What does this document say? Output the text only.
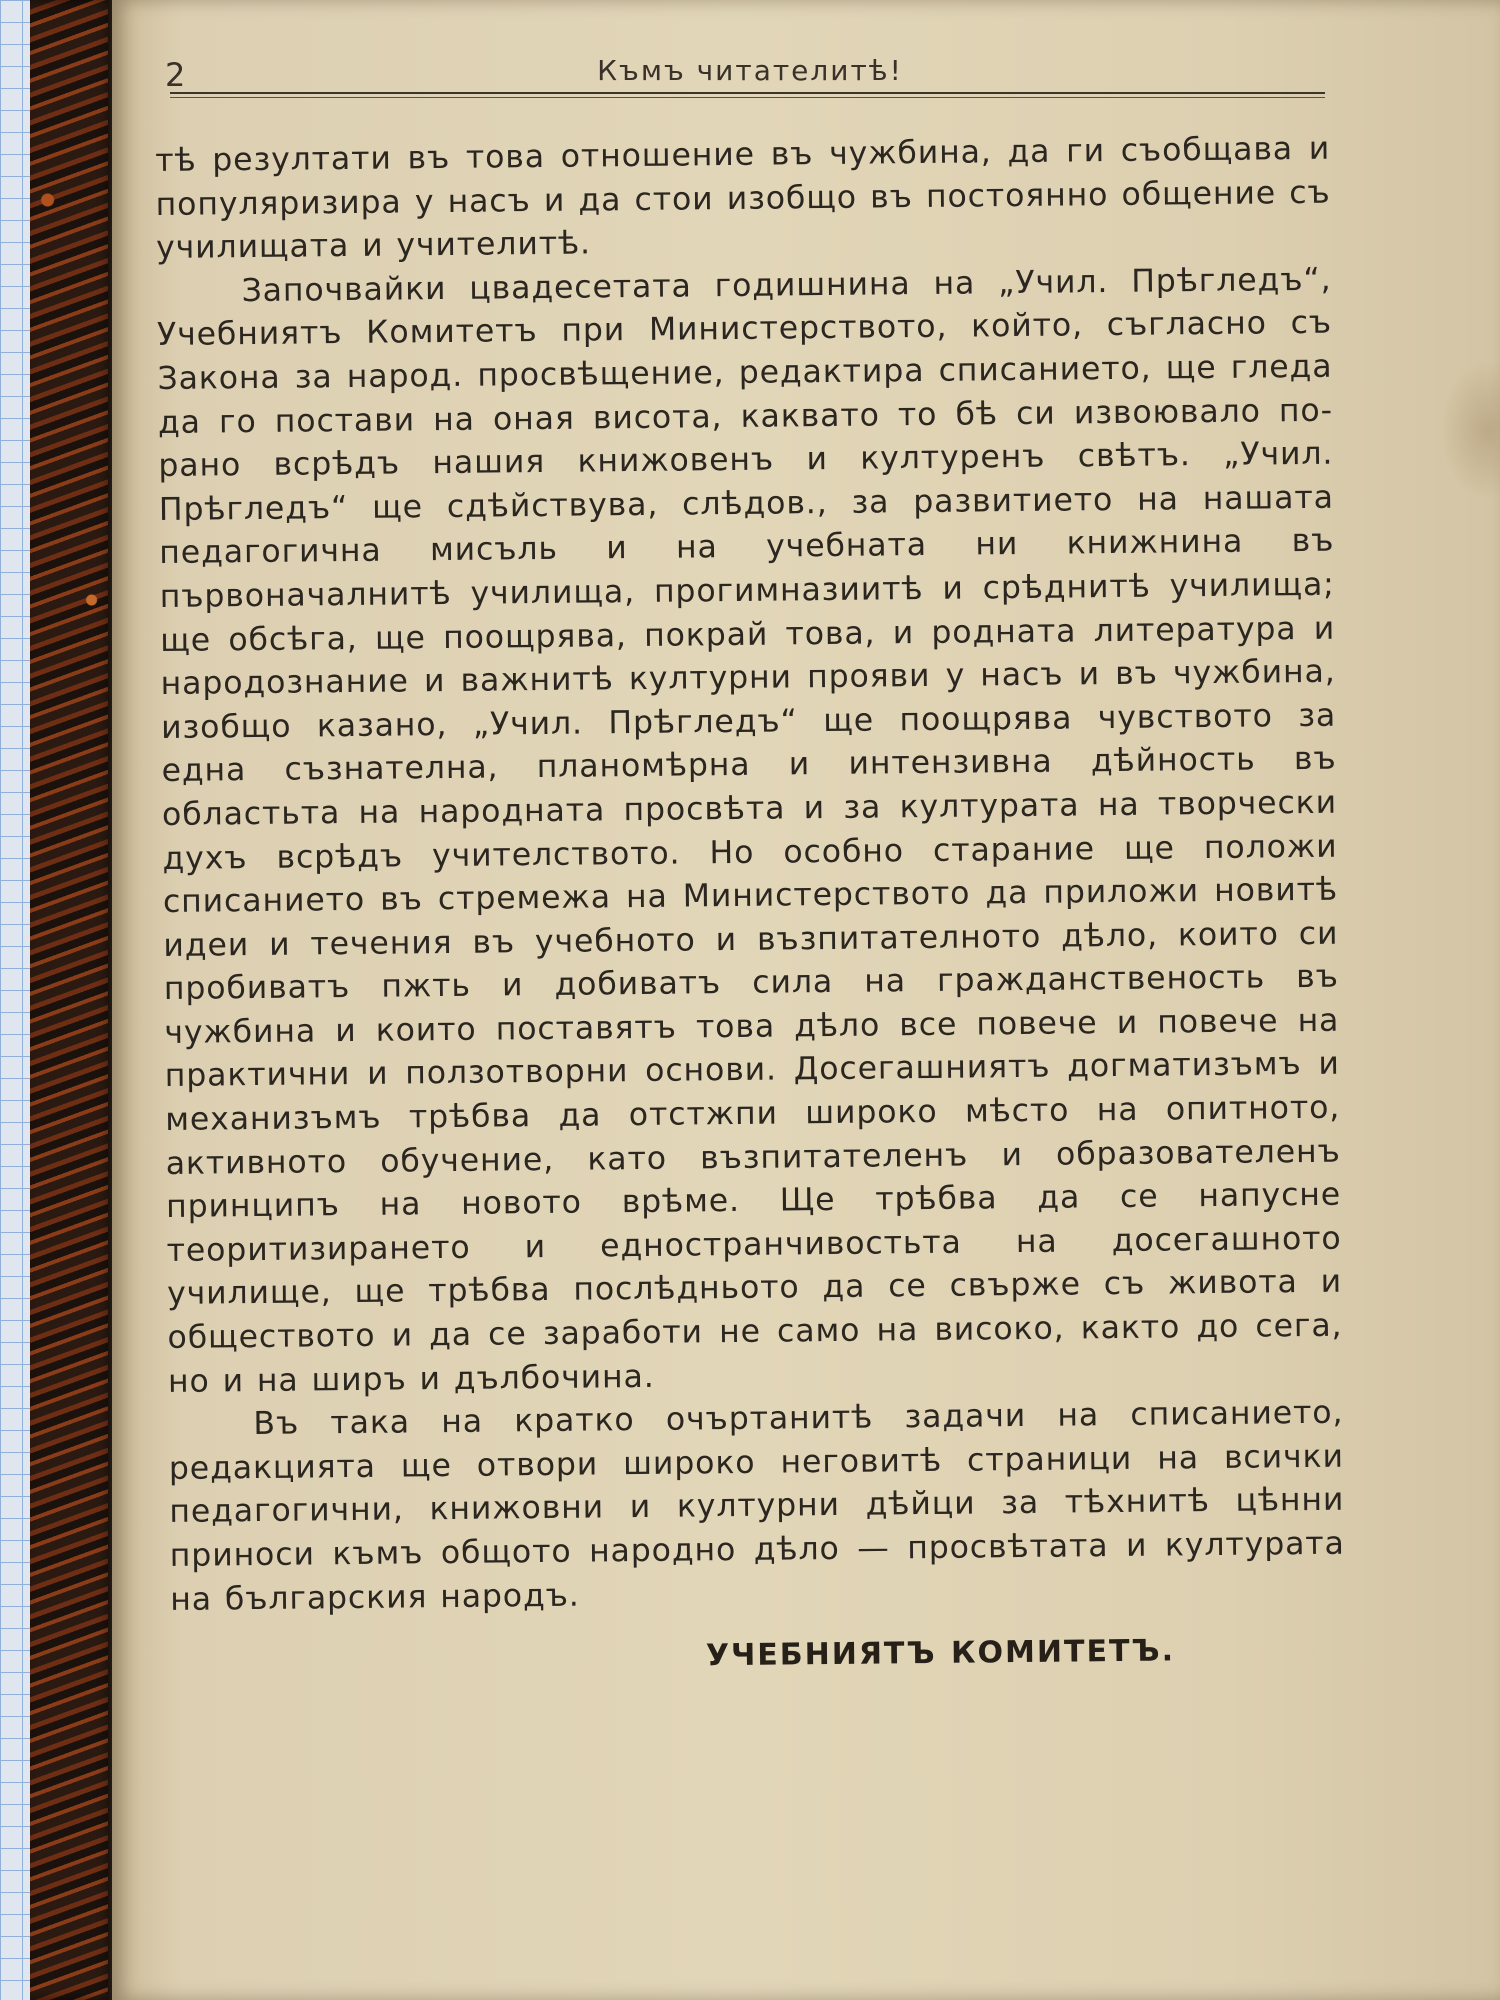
2	Къмъ читателитѣ!

тѣ резултати въ това отношение въ чужбина, да ги съобщава и популяризира у насъ и да стои изобщо въ постоянно общение съ училищата и учителитѣ.

Започвайки цвадесетата годишнина на „Учил. Прѣгледъ“, Учебниятъ Комитетъ при Министерството, който, съгласно съ Закона за народ. просвѣщение, редактира списанието, ще гледа да го постави на оная висота, каквато то бѣ си извоювало по-рано всрѣдъ нашия книжовенъ и културенъ свѣтъ. „Учил. Прѣгледъ“ ще сдѣйствува, слѣдов., за развитието на нашата педагогична мисъль и на учебната ни книжнина въ първоначалнитѣ училища, прогимназиитѣ и срѣднитѣ училища; ще обсѣга, ще поощрява, покрай това, и родната литература и народознание и важнитѣ културни прояви у насъ и въ чужбина, изобщо казано, „Учил. Прѣгледъ“ ще поощрява чувството за една съзнателна, планомѣрна и интензивна дѣйность въ областьта на народната просвѣта и за културата на творчески духъ всрѣдъ учителството. Но особно старание ще положи списанието въ стремежа на Министерството да приложи новитѣ идеи и течения въ учебното и възпитателното дѣло, които си пробиватъ пжть и добиватъ сила на гражданственость въ чужбина и които поставятъ това дѣло все повече и повече на практични и ползотворни основи. Досегашниятъ догматизъмъ и механизъмъ трѣбва да отстжпи широко мѣсто на опитното, активното обучение, като възпитателенъ и образователенъ принципъ на новото врѣме. Ще трѣбва да се напусне теоритизирането и едностранчивостьта на досегашното училище, ще трѣбва послѣдньото да се свърже съ живота и обществото и да се заработи не само на високо, както до сега, но и на ширъ и дълбочина.

Въ така на кратко очъртанитѣ задачи на списанието, редакцията ще отвори широко неговитѣ страници на всички педагогични, книжовни и културни дѣйци за тѣхнитѣ цѣнни приноси къмъ общото народно дѣло — просвѣтата и културата на българския народъ.

УЧЕБНИЯТЪ КОМИТЕТЪ.
